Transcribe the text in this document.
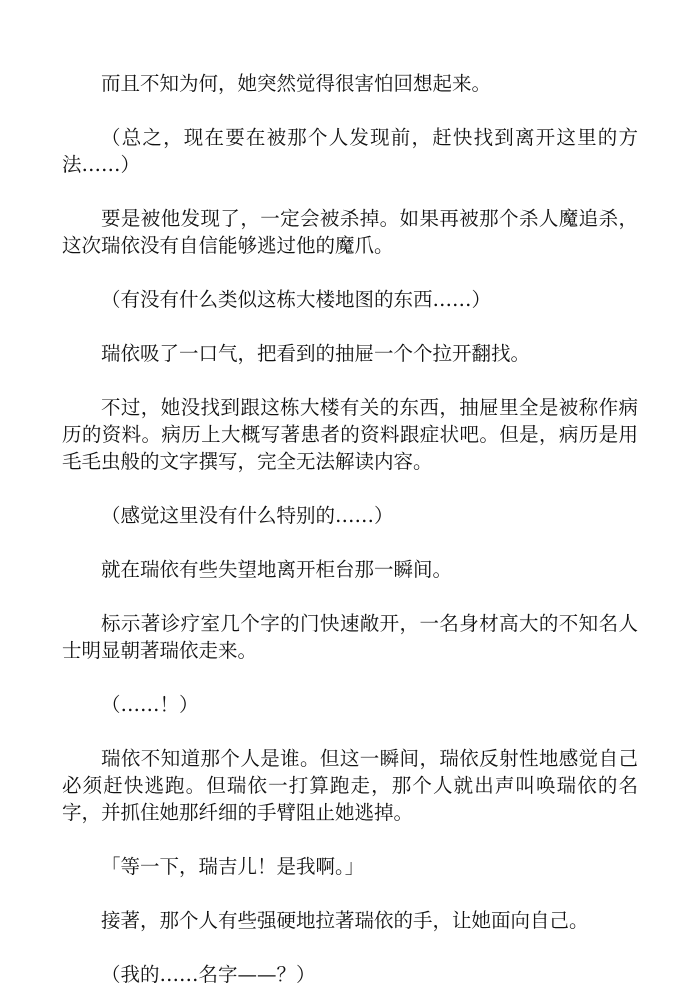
而且不知为何，她突然觉得很害怕回想起来。

（总之，现在要在被那个人发现前，赶快找到离开这里的方法……）

要是被他发现了，一定会被杀掉。如果再被那个杀人魔追杀，这次瑞依没有自信能够逃过他的魔爪。

（有没有什么类似这栋大楼地图的东西……）

瑞依吸了一口气，把看到的抽屉一个个拉开翻找。

不过，她没找到跟这栋大楼有关的东西，抽屉里全是被称作病历的资料。病历上大概写著患者的资料跟症状吧。但是，病历是用毛毛虫般的文字撰写，完全无法解读内容。

（感觉这里没有什么特别的……）

就在瑞依有些失望地离开柜台那一瞬间。

标示著诊疗室几个字的门快速敞开，一名身材高大的不知名人士明显朝著瑞依走来。

（……！）

瑞依不知道那个人是谁。但这一瞬间，瑞依反射性地感觉自己必须赶快逃跑。但瑞依一打算跑走，那个人就出声叫唤瑞依的名字，并抓住她那纤细的手臂阻止她逃掉。

「等一下，瑞吉儿！是我啊。」

接著，那个人有些强硬地拉著瑞依的手，让她面向自己。

（我的……名字——？）
